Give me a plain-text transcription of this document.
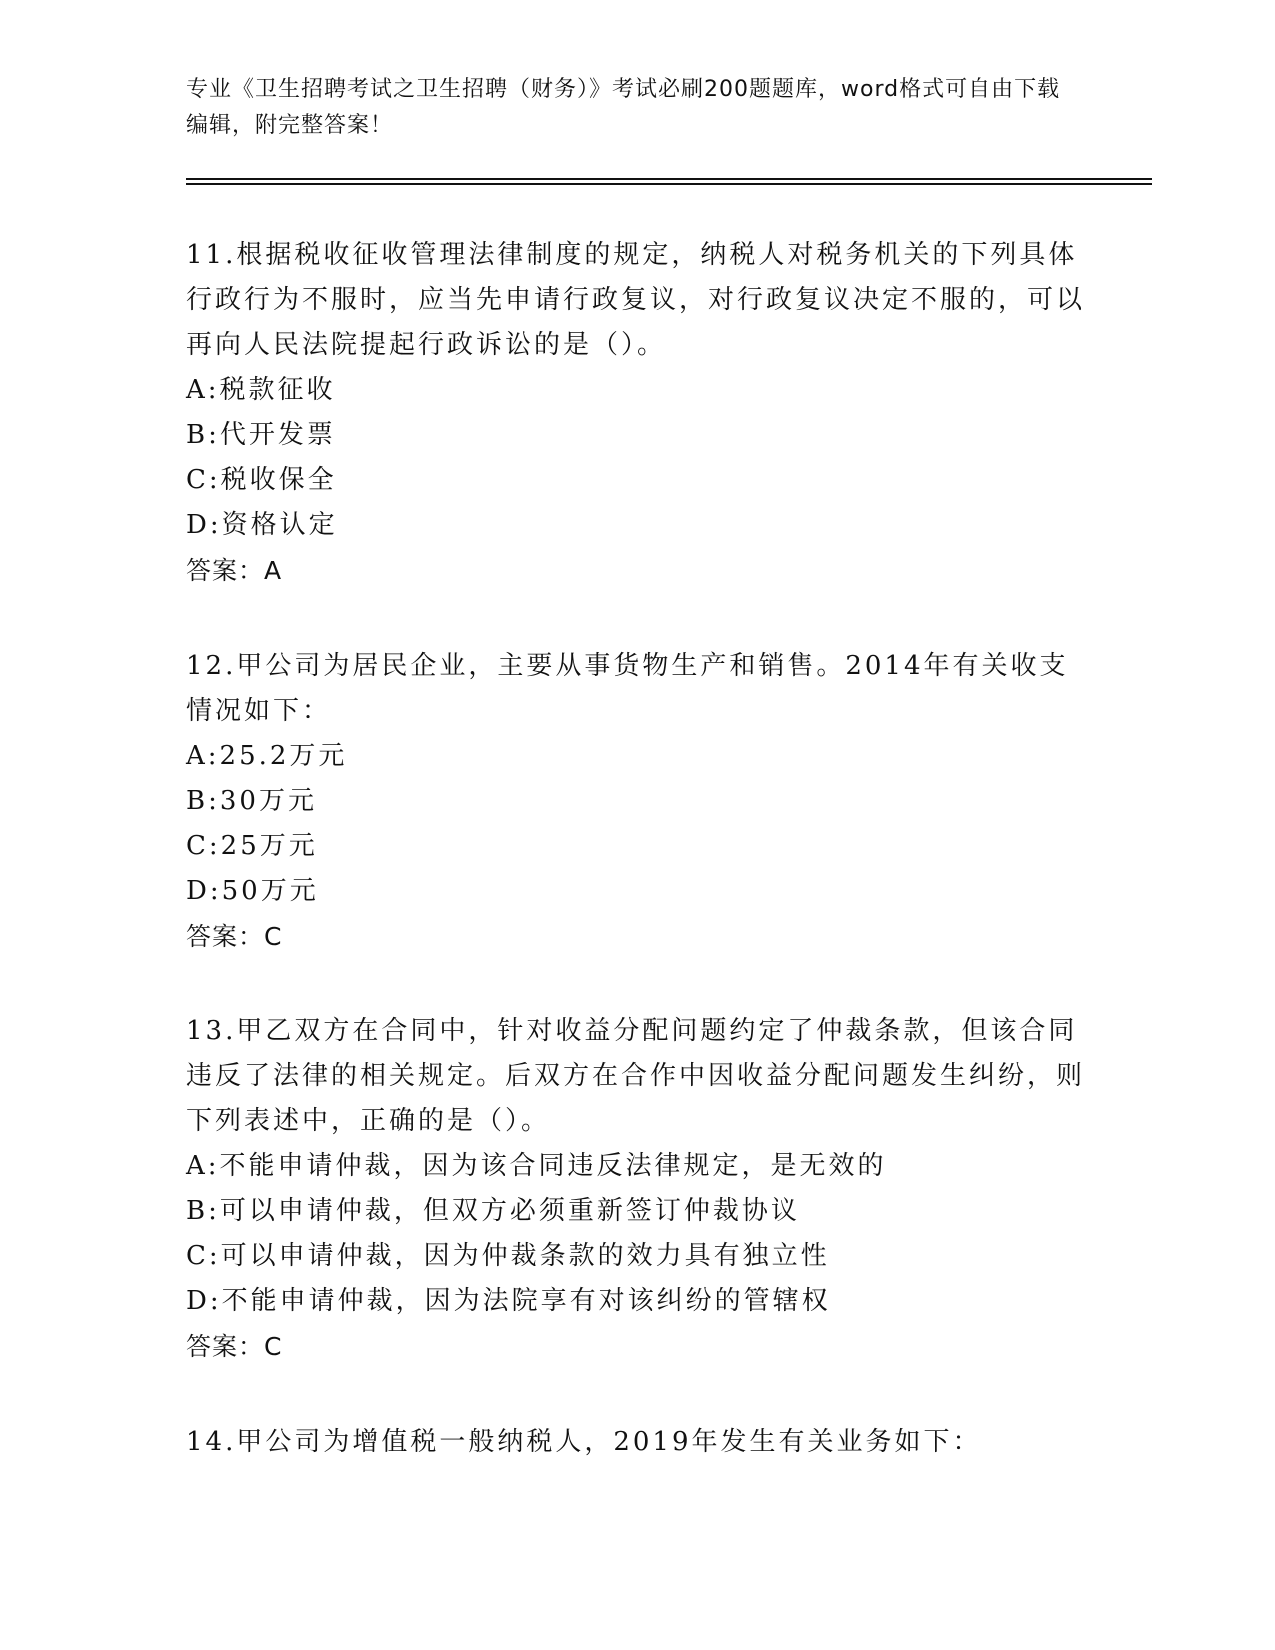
专业《卫生招聘考试之卫生招聘（财务）》考试必刷200题题库，word格式可自由下载编辑，附完整答案！
11.根据税收征收管理法律制度的规定，纳税人对税务机关的下列具体行政行为不服时，应当先申请行政复议，对行政复议决定不服的，可以再向人民法院提起行政诉讼的是（）。
A:税款征收
B:代开发票
C:税收保全
D:资格认定
答案：A
12.甲公司为居民企业，主要从事货物生产和销售。2014年有关收支情况如下：
A:25.2万元
B:30万元
C:25万元
D:50万元
答案：C
13.甲乙双方在合同中，针对收益分配问题约定了仲裁条款，但该合同违反了法律的相关规定。后双方在合作中因收益分配问题发生纠纷，则下列表述中，正确的是（）。
A:不能申请仲裁，因为该合同违反法律规定，是无效的
B:可以申请仲裁，但双方必须重新签订仲裁协议
C:可以申请仲裁，因为仲裁条款的效力具有独立性
D:不能申请仲裁，因为法院享有对该纠纷的管辖权
答案：C
14.甲公司为增值税一般纳税人，2019年发生有关业务如下：
